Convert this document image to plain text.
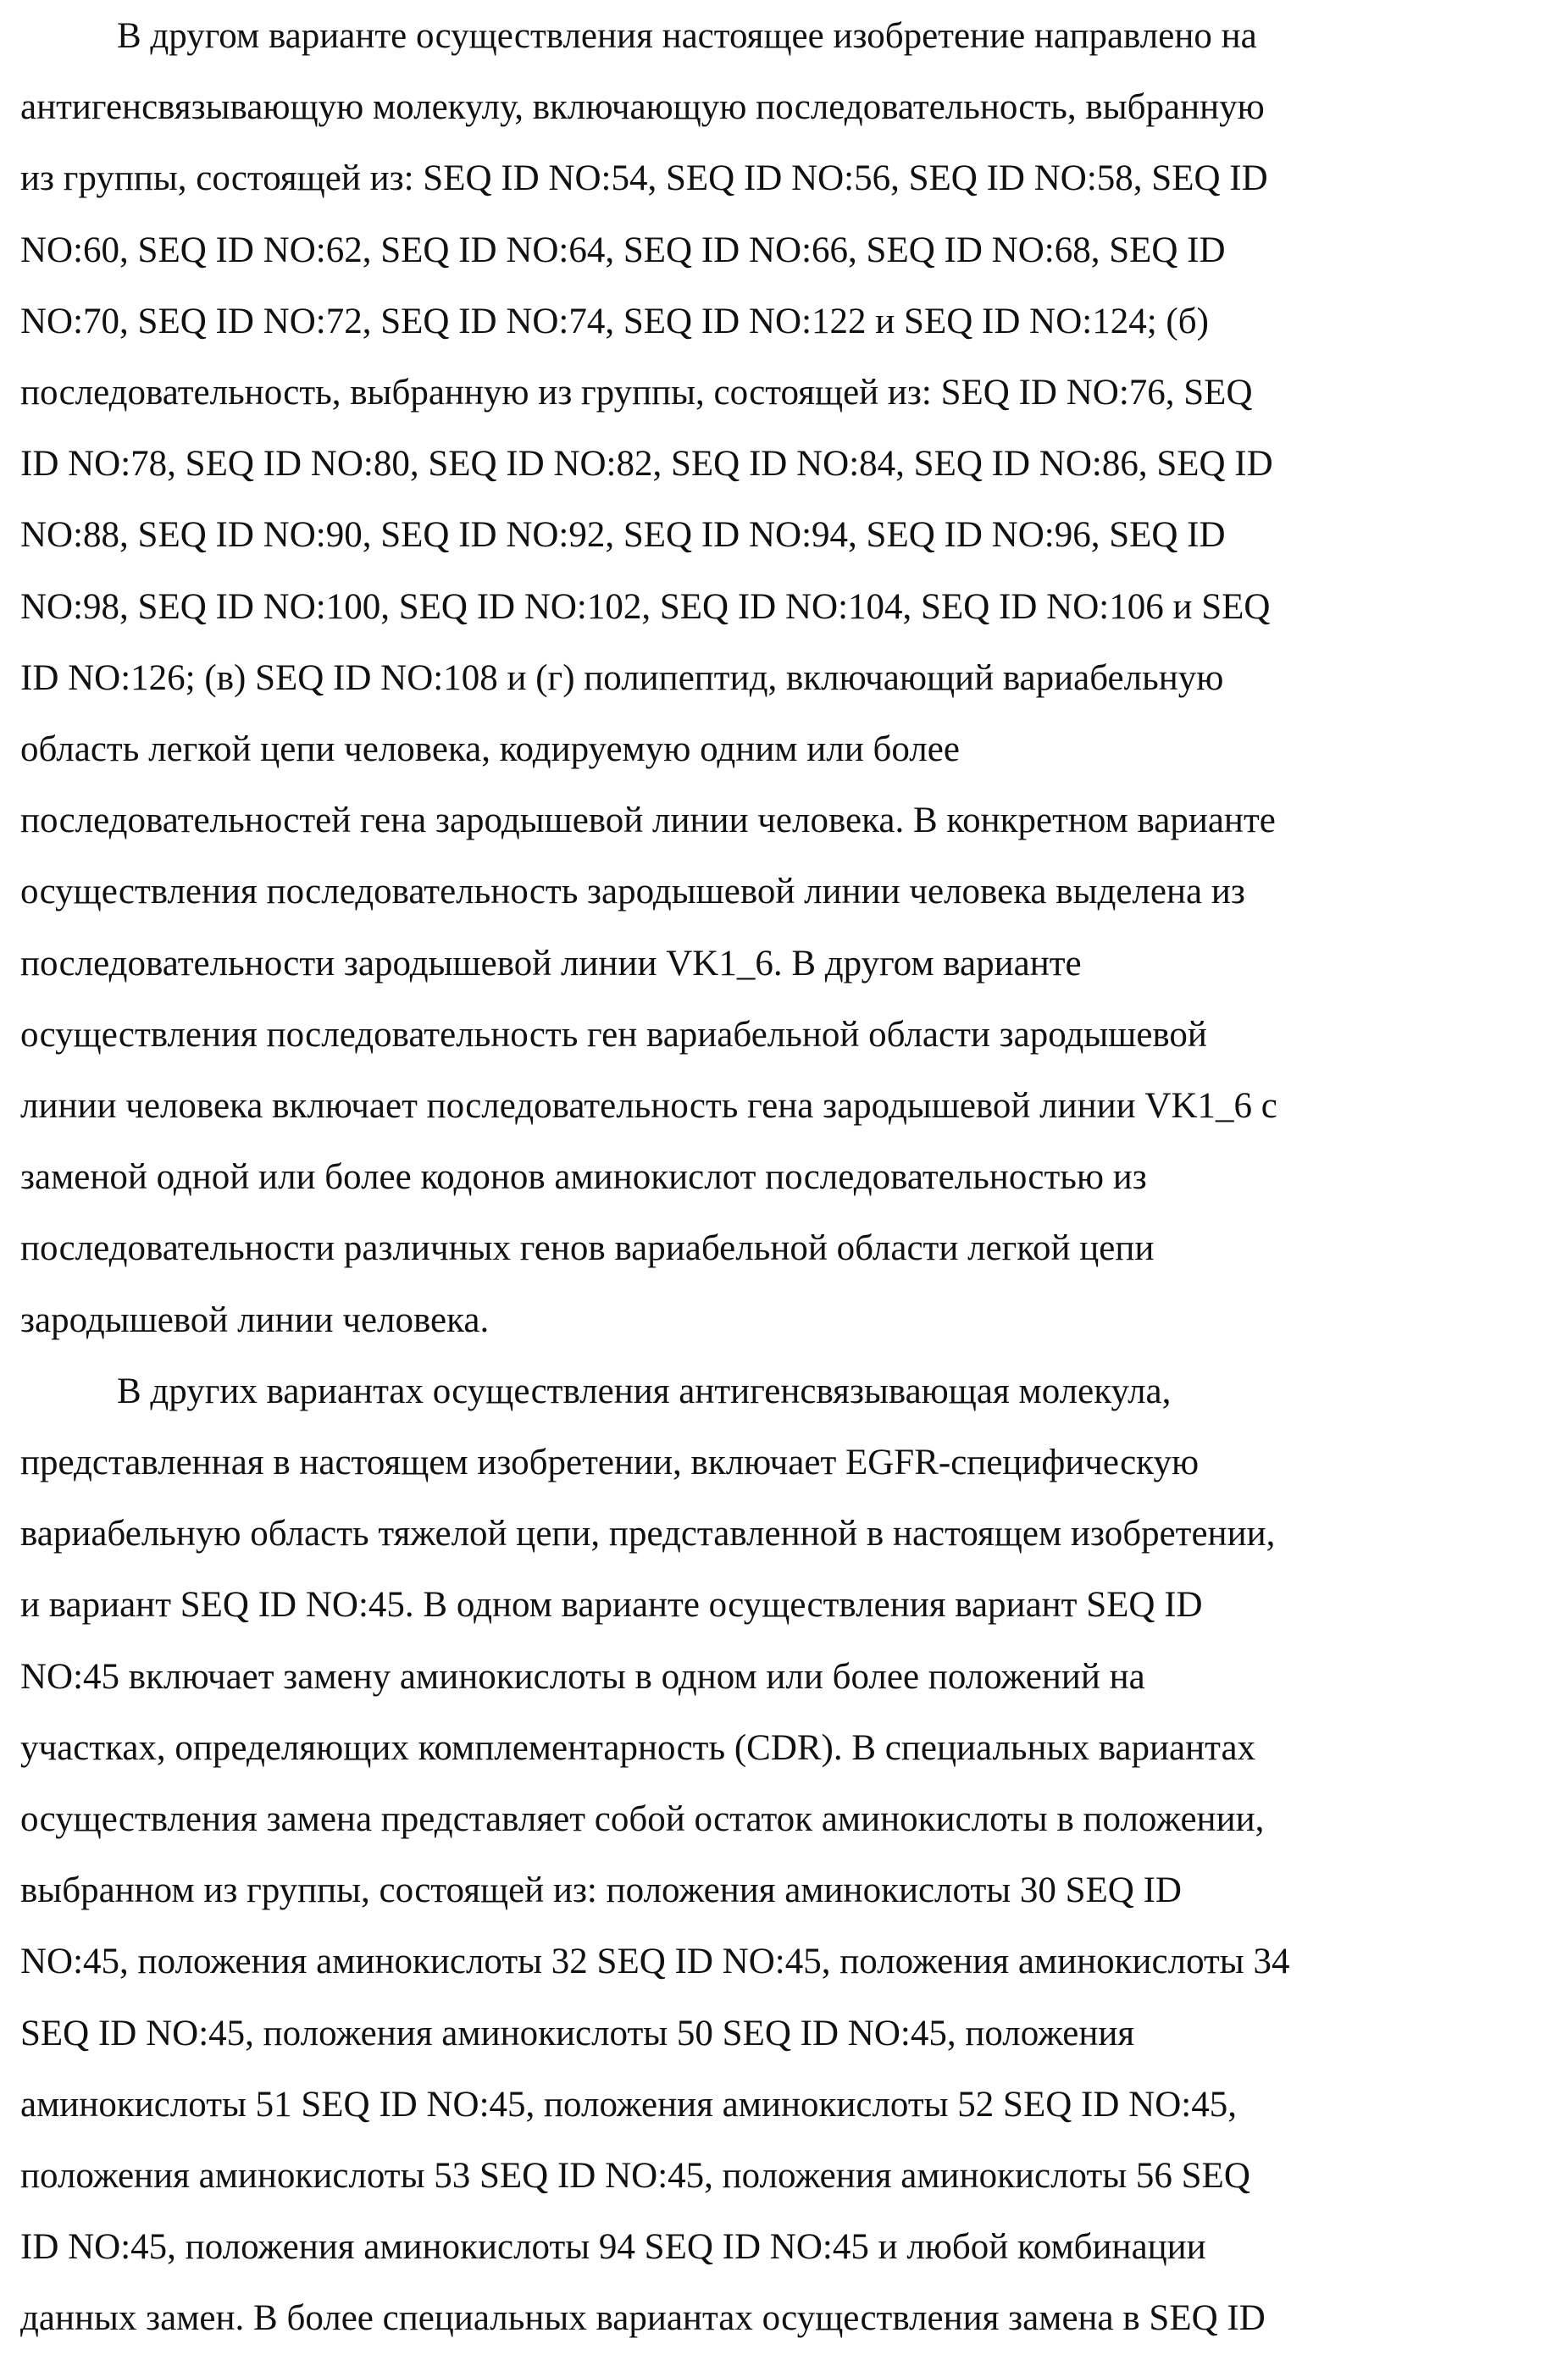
В другом варианте осуществления настоящее изобретение направлено на
антигенсвязывающую молекулу, включающую последовательность, выбранную
из группы, состоящей из: SEQ ID NO:54, SEQ ID NO:56, SEQ ID NO:58, SEQ ID
NO:60, SEQ ID NO:62, SEQ ID NO:64, SEQ ID NO:66, SEQ ID NO:68, SEQ ID
NO:70, SEQ ID NO:72, SEQ ID NO:74, SEQ ID NO:122 и SEQ ID NO:124; (б)
последовательность, выбранную из группы, состоящей из: SEQ ID NO:76, SEQ
ID NO:78, SEQ ID NO:80, SEQ ID NO:82, SEQ ID NO:84, SEQ ID NO:86, SEQ ID
NO:88, SEQ ID NO:90, SEQ ID NO:92, SEQ ID NO:94, SEQ ID NO:96, SEQ ID
NO:98, SEQ ID NO:100, SEQ ID NO:102, SEQ ID NO:104, SEQ ID NO:106 и SEQ
ID NO:126; (в) SEQ ID NO:108 и (г) полипептид, включающий вариабельную
область легкой цепи человека, кодируемую одним или более
последовательностей гена зародышевой линии человека. В конкретном варианте
осуществления последовательность зародышевой линии человека выделена из
последовательности зародышевой линии VK1_6. В другом варианте
осуществления последовательность ген вариабельной области зародышевой
линии человека включает последовательность гена зародышевой линии VK1_6 с
заменой одной или более кодонов аминокислот последовательностью из
последовательности различных генов вариабельной области легкой цепи
зародышевой линии человека.
В других вариантах осуществления антигенсвязывающая молекула,
представленная в настоящем изобретении, включает EGFR-специфическую
вариабельную область тяжелой цепи, представленной в настоящем изобретении,
и вариант SEQ ID NO:45. В одном варианте осуществления вариант SEQ ID
NO:45 включает замену аминокислоты в одном или более положений на
участках, определяющих комплементарность (CDR). В специальных вариантах
осуществления замена представляет собой остаток аминокислоты в положении,
выбранном из группы, состоящей из: положения аминокислоты 30 SEQ ID
NO:45, положения аминокислоты 32 SEQ ID NO:45, положения аминокислоты 34
SEQ ID NO:45, положения аминокислоты 50 SEQ ID NO:45, положения
аминокислоты 51 SEQ ID NO:45, положения аминокислоты 52 SEQ ID NO:45,
положения аминокислоты 53 SEQ ID NO:45, положения аминокислоты 56 SEQ
ID NO:45, положения аминокислоты 94 SEQ ID NO:45 и любой комбинации
данных замен. В более специальных вариантах осуществления замена в SEQ ID
